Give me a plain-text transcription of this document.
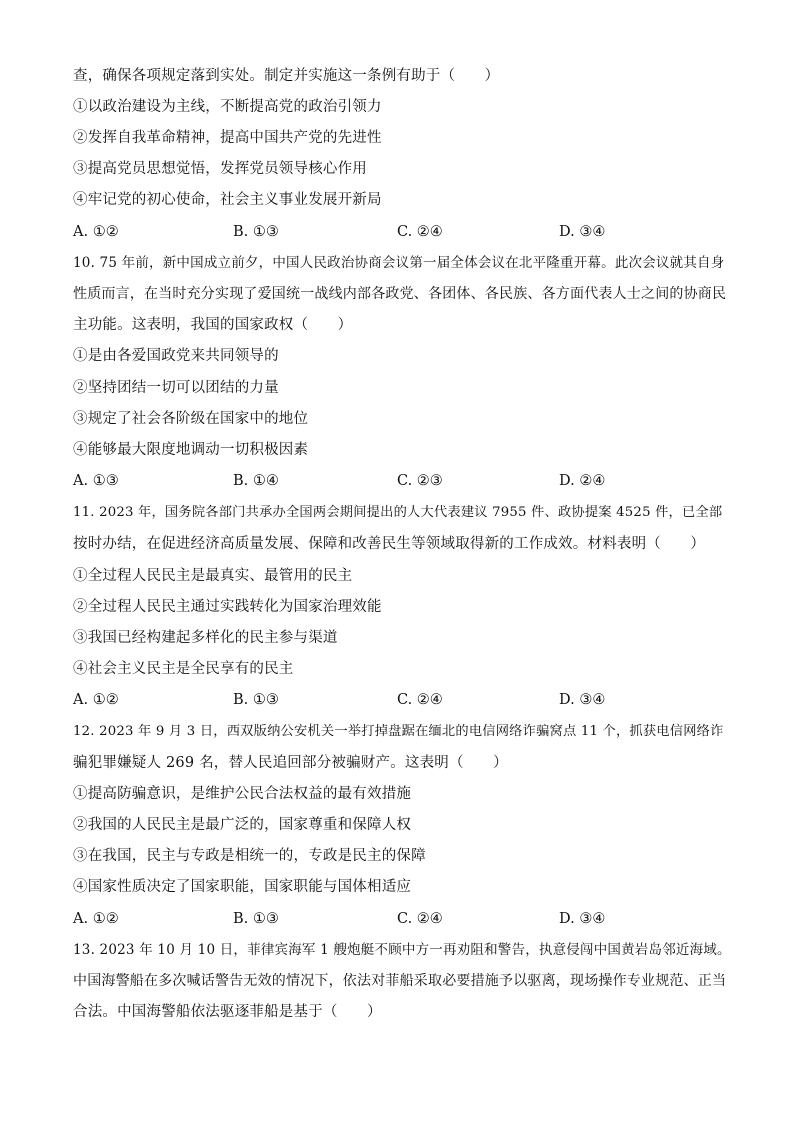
查，确保各项规定落到实处。制定并实施这一条例有助于（　　）
①以政治建设为主线，不断提高党的政治引领力
②发挥自我革命精神，提高中国共产党的先进性
③提高党员思想觉悟，发挥党员领导核心作用
④牢记党的初心使命，社会主义事业发展开新局
A. ①②	B. ①③	C. ②④	D. ③④
10. 75 年前，新中国成立前夕，中国人民政治协商会议第一届全体会议在北平隆重开幕。此次会议就其自身
性质而言，在当时充分实现了爱国统一战线内部各政党、各团体、各民族、各方面代表人士之间的协商民
主功能。这表明，我国的国家政权（　　）
①是由各爱国政党来共同领导的
②坚持团结一切可以团结的力量
③规定了社会各阶级在国家中的地位
④能够最大限度地调动一切积极因素
A. ①③	B. ①④	C. ②③	D. ②④
11. 2023 年，国务院各部门共承办全国两会期间提出的人大代表建议 7955 件、政协提案 4525 件，已全部
按时办结，在促进经济高质量发展、保障和改善民生等领域取得新的工作成效。材料表明（　　）
①全过程人民民主是最真实、最管用的民主
②全过程人民民主通过实践转化为国家治理效能
③我国已经构建起多样化的民主参与渠道
④社会主义民主是全民享有的民主
A. ①②	B. ①③	C. ②④	D. ③④
12. 2023 年 9 月 3 日，西双版纳公安机关一举打掉盘踞在缅北的电信网络诈骗窝点 11 个，抓获电信网络诈
骗犯罪嫌疑人 269 名，替人民追回部分被骗财产。这表明（　　）
①提高防骗意识，是维护公民合法权益的最有效措施
②我国的人民民主是最广泛的，国家尊重和保障人权
③在我国，民主与专政是相统一的，专政是民主的保障
④国家性质决定了国家职能，国家职能与国体相适应
A. ①②	B. ①③	C. ②④	D. ③④
13. 2023 年 10 月 10 日，菲律宾海军 1 艘炮艇不顾中方一再劝阻和警告，执意侵闯中国黄岩岛邻近海域。
中国海警船在多次喊话警告无效的情况下，依法对菲船采取必要措施予以驱离，现场操作专业规范、正当
合法。中国海警船依法驱逐菲船是基于（　　）
